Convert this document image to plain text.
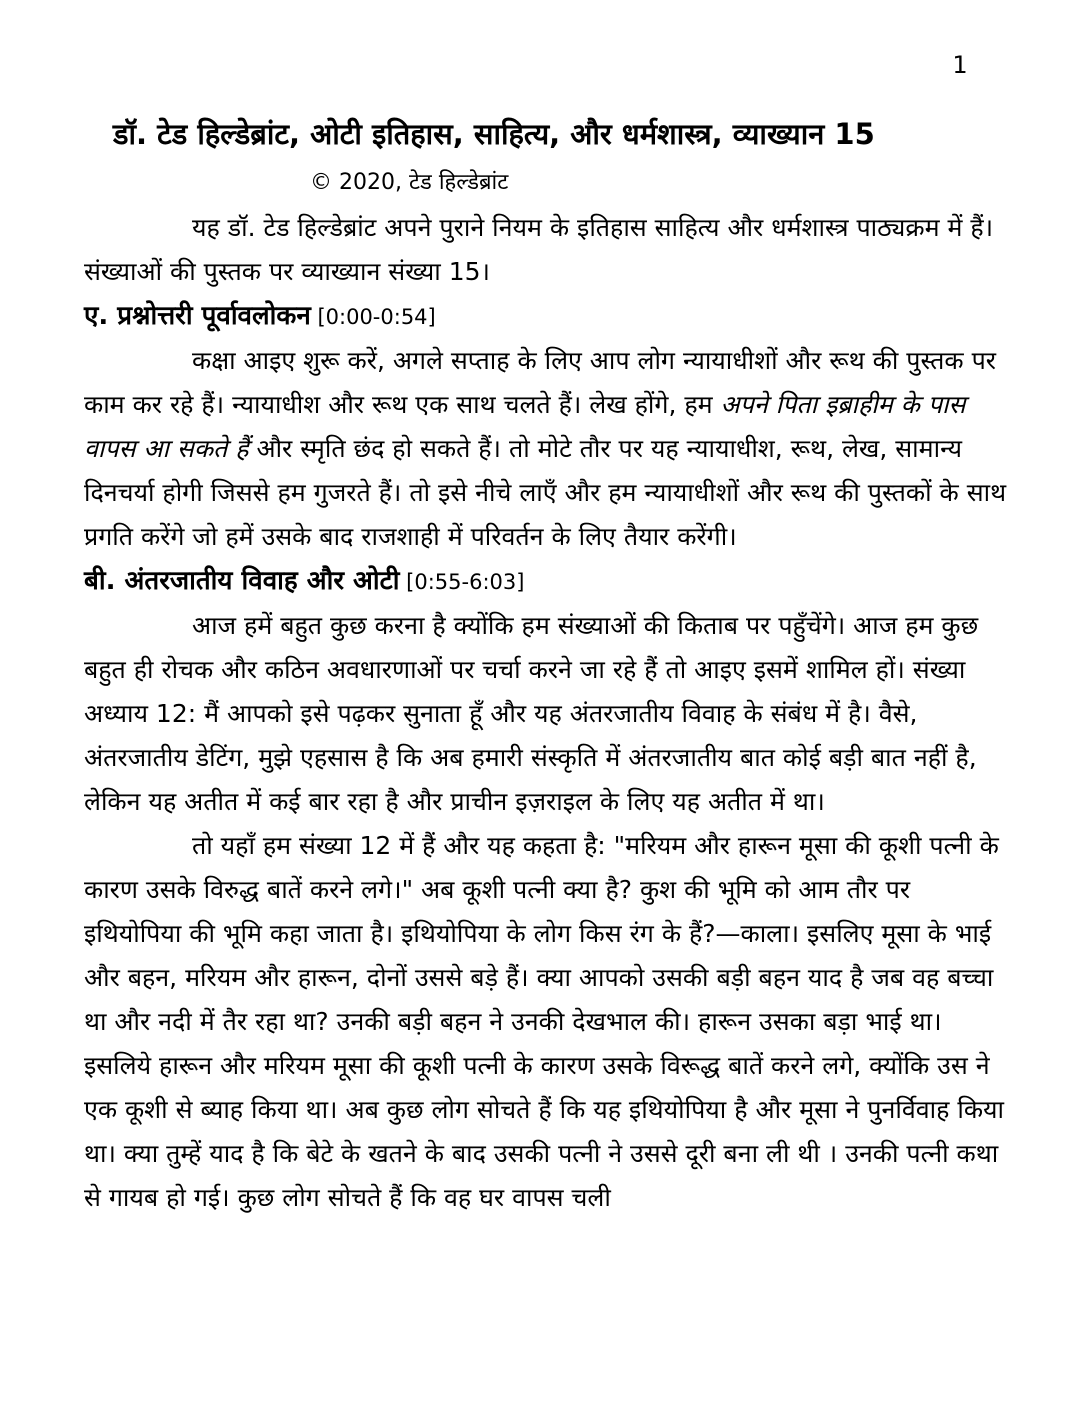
1
डॉ. टेड हिल्डेब्रांट, ओटी इतिहास, साहित्य, और धर्मशास्त्र, व्याख्यान 15
© 2020, टेड हिल्डेब्रांट

यह डॉ. टेड हिल्डेब्रांट अपने पुराने नियम के इतिहास साहित्य और धर्मशास्त्र पाठ्यक्रम में हैं। संख्याओं की पुस्तक पर व्याख्यान संख्या 15।

ए. प्रश्नोत्तरी पूर्वावलोकन [0:00-0:54]

कक्षा आइए शुरू करें, अगले सप्ताह के लिए आप लोग न्यायाधीशों और रूथ की पुस्तक पर काम कर रहे हैं। न्यायाधीश और रूथ एक साथ चलते हैं। लेख होंगे, हम अपने पिता इब्राहीम के पास वापस आ सकते हैं और स्मृति छंद हो सकते हैं। तो मोटे तौर पर यह न्यायाधीश, रूथ, लेख, सामान्य दिनचर्या होगी जिससे हम गुजरते हैं। तो इसे नीचे लाएँ और हम न्यायाधीशों और रूथ की पुस्तकों के साथ प्रगति करेंगे जो हमें उसके बाद राजशाही में परिवर्तन के लिए तैयार करेंगी।

बी. अंतरजातीय विवाह और ओटी [0:55-6:03]

आज हमें बहुत कुछ करना है क्योंकि हम संख्याओं की किताब पर पहुँचेंगे। आज हम कुछ बहुत ही रोचक और कठिन अवधारणाओं पर चर्चा करने जा रहे हैं तो आइए इसमें शामिल हों। संख्या अध्याय 12: मैं आपको इसे पढ़कर सुनाता हूँ और यह अंतरजातीय विवाह के संबंध में है। वैसे, अंतरजातीय डेटिंग, मुझे एहसास है कि अब हमारी संस्कृति में अंतरजातीय बात कोई बड़ी बात नहीं है, लेकिन यह अतीत में कई बार रहा है और प्राचीन इज़राइल के लिए यह अतीत में था।

तो यहाँ हम संख्या 12 में हैं और यह कहता है: "मरियम और हारून मूसा की कूशी पत्नी के कारण उसके विरुद्ध बातें करने लगे।" अब कूशी पत्नी क्या है? कुश की भूमि को आम तौर पर इथियोपिया की भूमि कहा जाता है। इथियोपिया के लोग किस रंग के हैं?—काला। इसलिए मूसा के भाई और बहन, मरियम और हारून, दोनों उससे बड़े हैं। क्या आपको उसकी बड़ी बहन याद है जब वह बच्चा था और नदी में तैर रहा था? उनकी बड़ी बहन ने उनकी देखभाल की। हारून उसका बड़ा भाई था। इसलिये हारून और मरियम मूसा की कूशी पत्नी के कारण उसके विरूद्ध बातें करने लगे, क्योंकि उस ने एक कूशी से ब्याह किया था। अब कुछ लोग सोचते हैं कि यह इथियोपिया है और मूसा ने पुनर्विवाह किया था। क्या तुम्हें याद है कि बेटे के खतने के बाद उसकी पत्नी ने उससे दूरी बना ली थी । उनकी पत्नी कथा से गायब हो गई। कुछ लोग सोचते हैं कि वह घर वापस चली
